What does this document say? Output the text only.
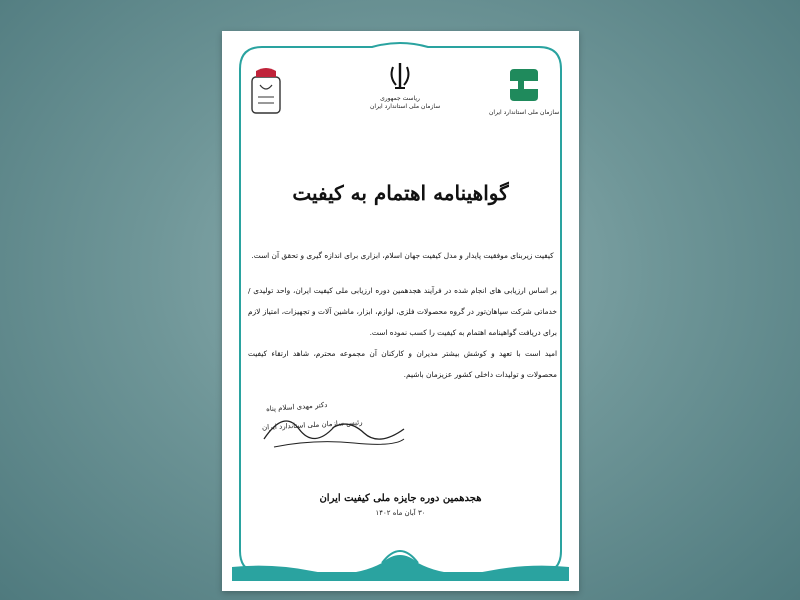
ریاست جمهوری
سازمان ملی استاندارد ایران
سازمان ملی استاندارد ایران
گواهینامه اهتمام به کیفیت

کیفیت زیربنای موفقیت پایدار و مدل کیفیت جهان اسلام، ابزاری برای اندازه گیری و تحقق آن است.

بر اساس ارزیابی های انجام شده در فرآیند هجدهمین دوره ارزیابی ملی کیفیت ایران، واحد تولیدی / خدماتی شرکت سپاهان‌تور در گروه محصولات فلزی، لوازم، ابزار، ماشین آلات و تجهیزات، امتیاز لازم برای دریافت گواهینامه اهتمام به کیفیت را کسب نموده است.

امید است با تعهد و کوشش بیشتر مدیران و کارکنان آن مجموعه محترم، شاهد ارتقاء کیفیت محصولات و تولیدات داخلی کشور عزیزمان باشیم.

دکتر مهدی اسلام پناه
رئیس سازمان ملی استاندارد ایران
هجدهمین دوره جایزه ملی کیفیت ایران
۳۰ آبان ماه ۱۴۰۲
